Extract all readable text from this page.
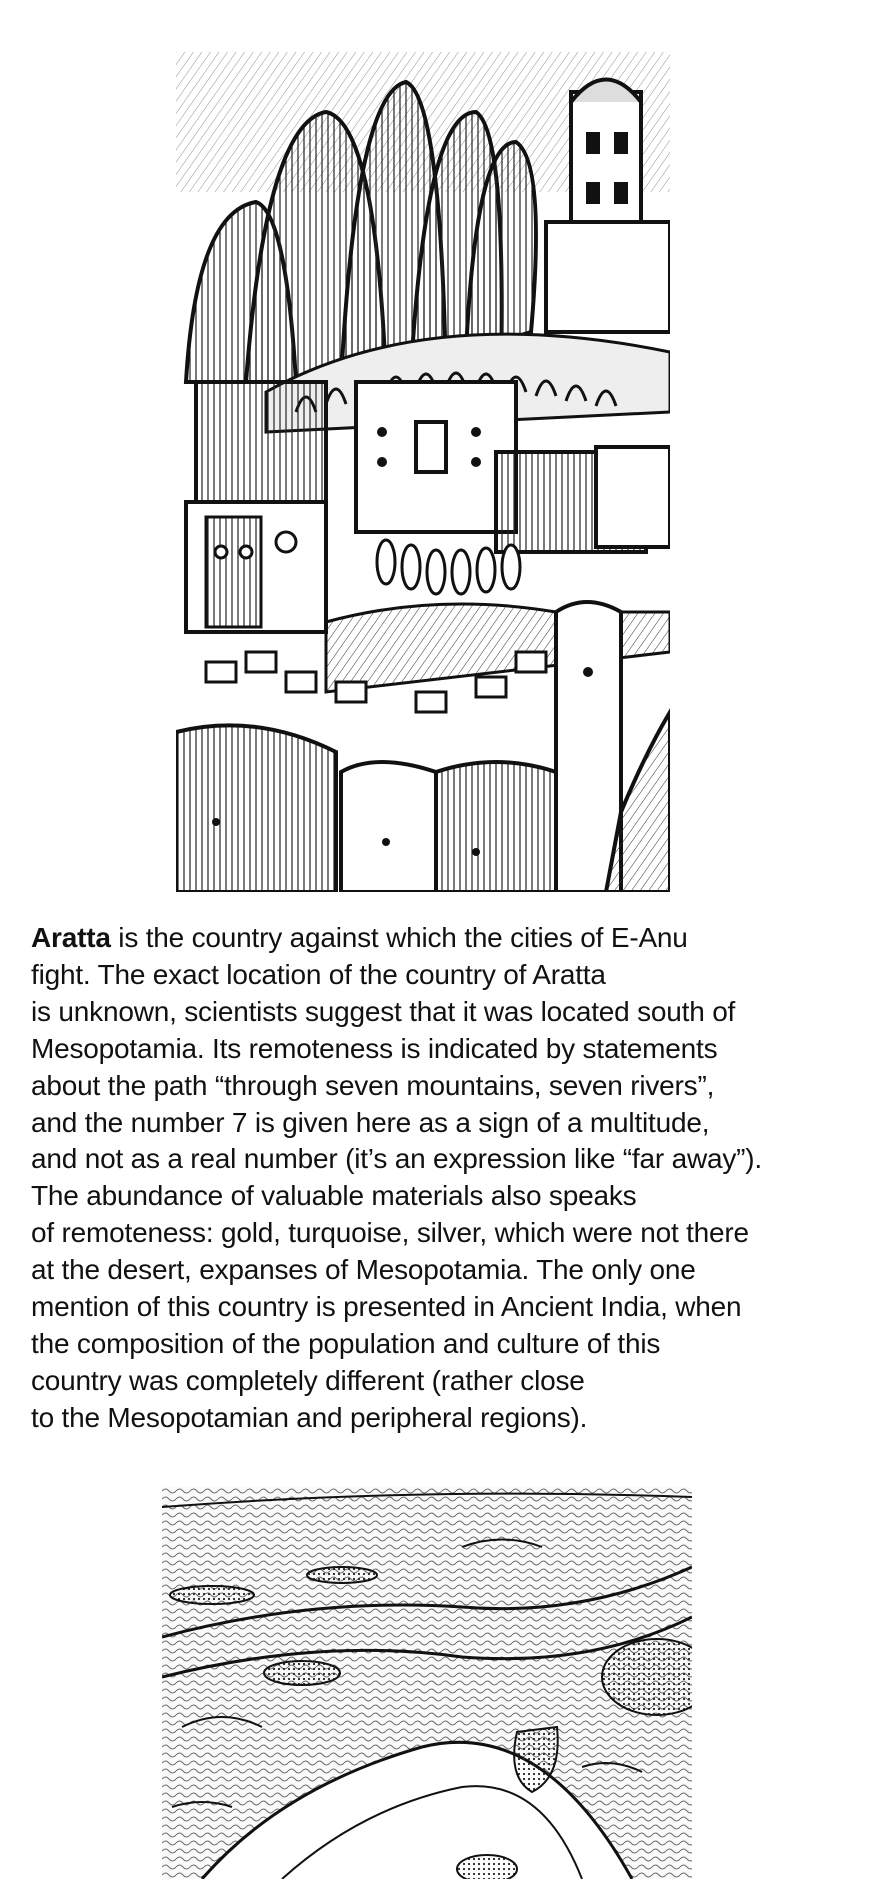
Aratta is the country against which the cities of E-Anu
fight. The exact location of the country of Aratta
is unknown, scientists suggest that it was located south of
Mesopotamia. Its remoteness is indicated by statements
about the path “through seven mountains, seven rivers”,
and the number 7 is given here as a sign of a multitude,
and not as a real number (it’s an expression like “far away”).
The abundance of valuable materials also speaks
of remoteness: gold, turquoise, silver, which were not there
at the desert, expanses of Mesopotamia. The only one
mention of this country is presented in Ancient India, when
the composition of the population and culture of this
country was completely different (rather close
to the Mesopotamian and peripheral regions).
